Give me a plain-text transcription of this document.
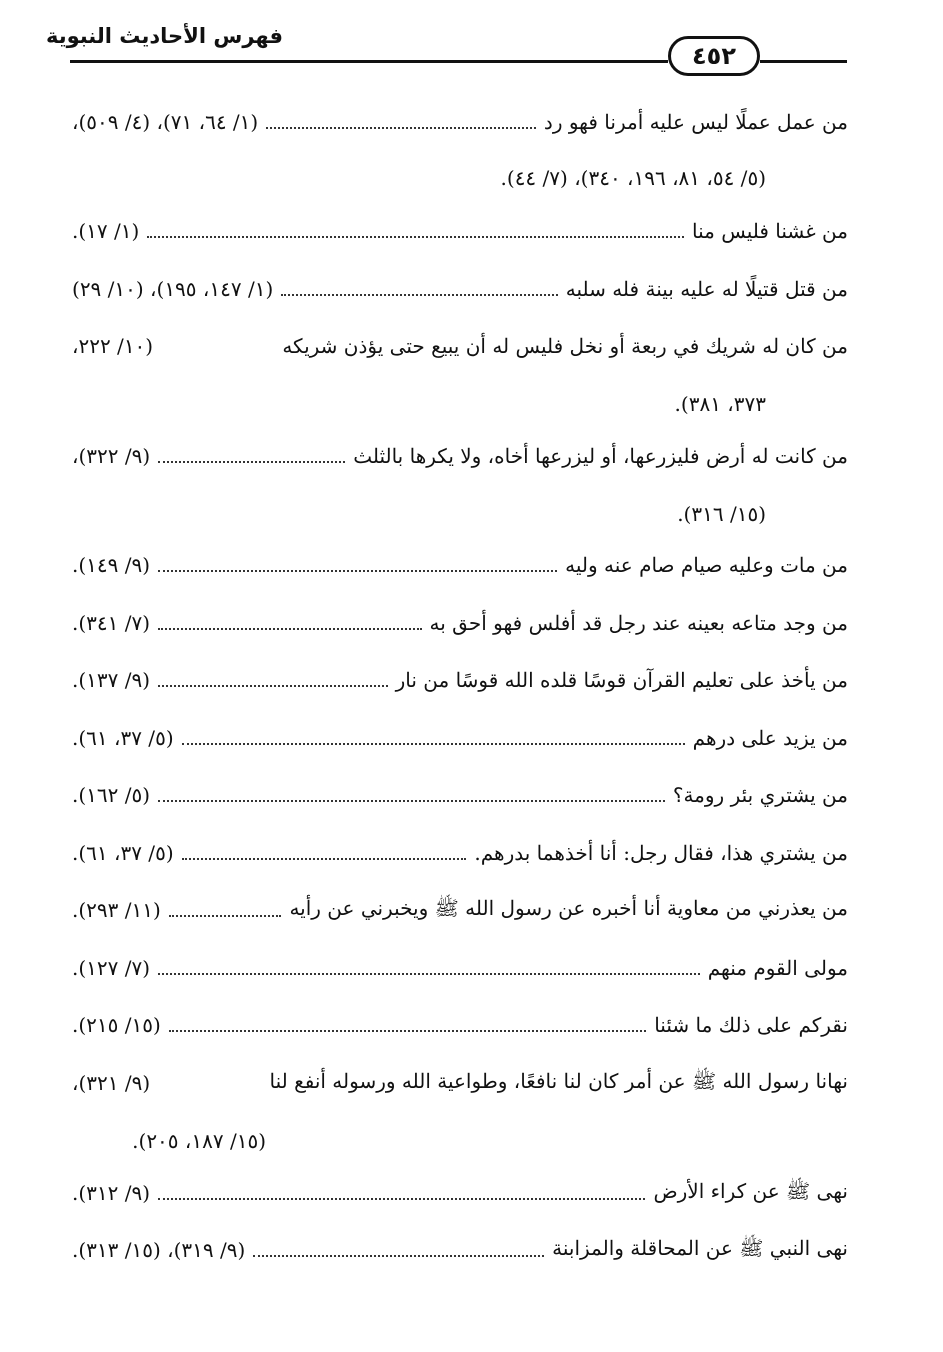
فهرس الأحاديث النبوية
٤٥٢
من عمل عملًا ليس عليه أمرنا فهو رد
(١/ ٦٤، ٧١)، (٤/ ٥٠٩)،
(٥/ ٥٤، ٨١، ١٩٦، ٣٤٠)، (٧/ ٤٤).
من غشنا فليس منا
(١/ ١٧).
من قتل قتيلًا له عليه بينة فله سلبه
(١/ ١٤٧، ١٩٥)، (١٠/ ٢٩)
من كان له شريك في ربعة أو نخل فليس له أن يبيع حتى يؤذن شريكه
(١٠/ ٢٢٢،
٣٧٣، ٣٨١).
من كانت له أرض فليزرعها، أو ليزرعها أخاه، ولا يكرها بالثلث
(٩/ ٣٢٢)،
(١٥/ ٣١٦).
من مات وعليه صيام صام عنه وليه
(٩/ ١٤٩).
من وجد متاعه بعينه عند رجل قد أفلس فهو أحق به
(٧/ ٣٤١).
من يأخذ على تعليم القرآن قوسًا قلده الله قوسًا من نار
(٩/ ١٣٧).
من يزيد على درهم
(٥/ ٣٧، ٦١).
من يشتري بئر رومة؟
(٥/ ١٦٢).
من يشتري هذا، فقال رجل: أنا أخذهما بدرهم.
(٥/ ٣٧، ٦١).
من يعذرني من معاوية أنا أخبره عن رسول الله ﷺ ويخبرني عن رأيه
(١١/ ٢٩٣).
مولى القوم منهم
(٧/ ١٢٧).
نقركم على ذلك ما شئنا
(١٥/ ٢١٥).
نهانا رسول الله ﷺ عن أمر كان لنا نافعًا، وطواعية الله ورسوله أنفع لنا
(٩/ ٣٢١)،
(١٥/ ١٨٧، ٢٠٥).
نهى ﷺ عن كراء الأرض
(٩/ ٣١٢).
نهى النبي ﷺ عن المحاقلة والمزابنة
(٩/ ٣١٩)، (١٥/ ٣١٣).
